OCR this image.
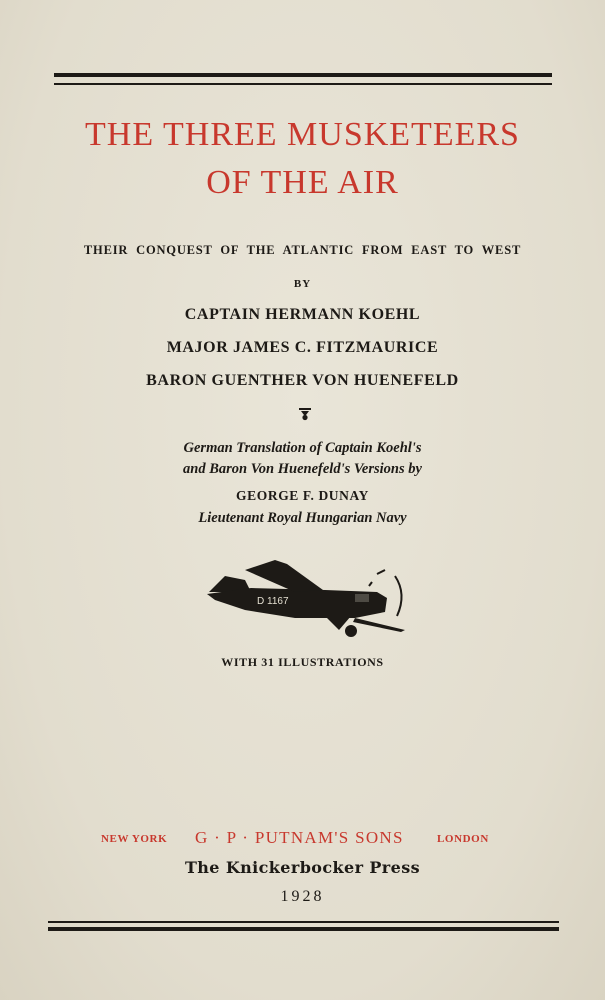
THE THREE MUSKETEERS
OF THE AIR
THEIR CONQUEST OF THE ATLANTIC FROM EAST TO WEST
BY
CAPTAIN HERMANN KOEHL
MAJOR JAMES C. FITZMAURICE
BARON GUENTHER VON HUENEFELD
German Translation of Captain Koehl's
and Baron Von Huenefeld's Versions by
GEORGE F. DUNAY
Lieutenant Royal Hungarian Navy
D 1167
WITH 31 ILLUSTRATIONS
NEW YORK G · P · PUTNAM'S SONS	LONDON
The Knickerbocker Press
1928
